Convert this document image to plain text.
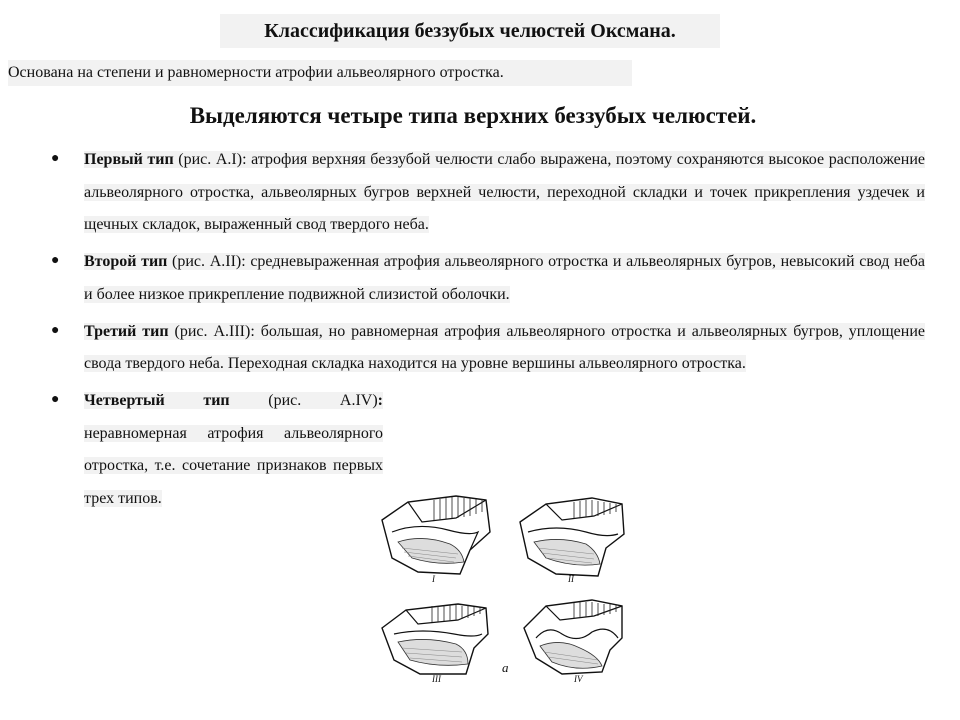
Классификация беззубых челюстей Оксмана.
Основана на степени и равномерности атрофии альвеолярного отростка.
Выделяются четыре типа верхних беззубых челюстей.
● Первый тип (рис. A.I): атрофия верхняя беззубой челюсти слабо выражена, поэтому сохраняются высокое расположение альвеолярного отростка, альвеолярных бугров верхней челюсти, переходной складки и точек прикрепления уздечек и щечных складок, выраженный свод твердого неба.
● Второй тип (рис. A.II): средневыраженная атрофия альвеолярного отростка и альвеолярных бугров, невысокий свод неба и более низкое прикрепление подвижной слизистой оболочки.
● Третий тип (рис. A.III): большая, но равномерная атрофия альвеолярного отростка и альвеолярных бугров, уплощение свода твердого неба. Переходная складка находится на уровне вершины альвеолярного отростка.
● Четвертый тип (рис. A.IV): неравномерная атрофия альвеолярного отростка, т.е. сочетание признаков первых трех типов.
I	II
III	IV
а
